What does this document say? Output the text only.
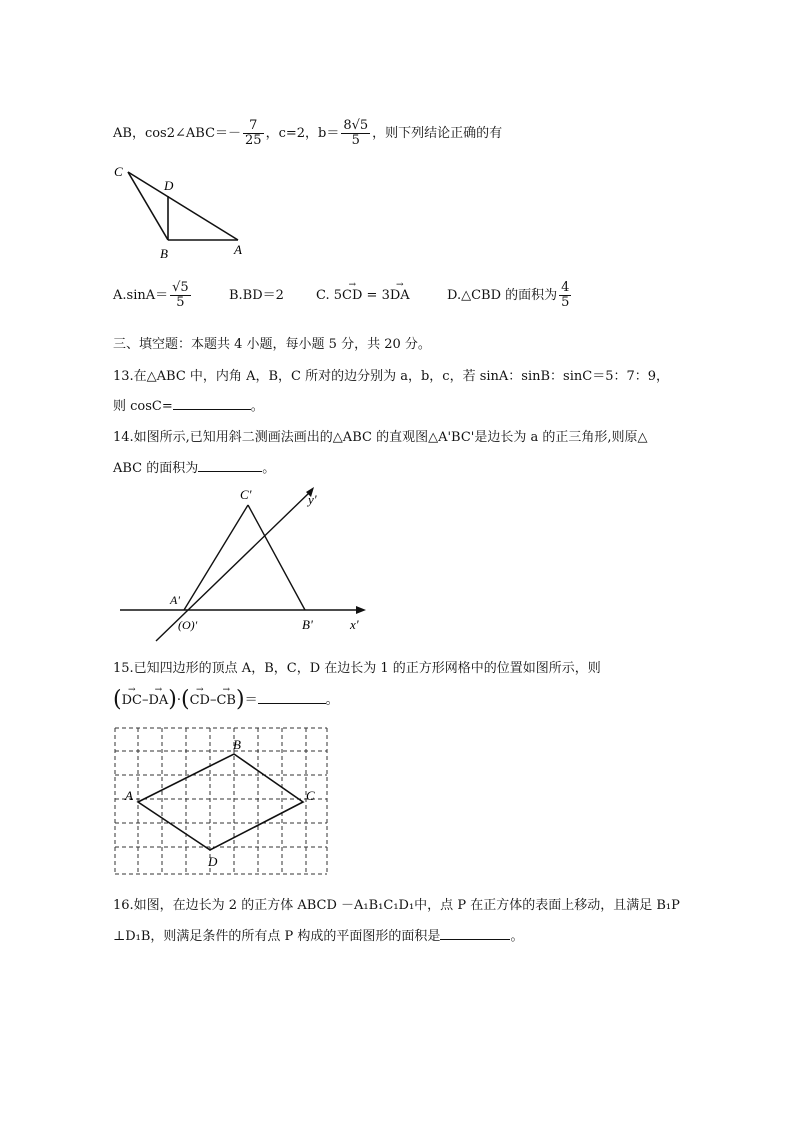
AB，cos2∠ABC＝－ $\frac{7}{25}$ ，c=2，$b= \frac{8√5}{5}$ ，则下列结论正确的有
C
D
B	A
$A.\sin A= \frac{√5}{5}$	B.BD＝2 C. 5→ CD = 3→ DA	D.△CBD 的面积为 $\frac{4}{5}$
三、填空题：本题共 4 小题，每小题 5 分，共 20 分。
13.在△ABC 中，内角 A，B，C 所对的边分别为 a，b，c，若 sinA：sinB：sinC＝5：7：9，
则 cosC=	。
14.如图所示,已知用斜二测画法画出的△ABC 的直观图△A'BC'是边长为 a 的正三角形,则原△
ABC 的面积为	。
C'	y'
A'
(O)'	B'	x'
15.已知四边形的顶点 A，B，C，D 在边长为 1 的正方形网格中的位置如图所示，则
(→ DC–→ DA)·(→ CD–→ CB)＝	。
A
B
C
D
16.如图，在边长为 2 的正方体 ABCD －A₁B₁C₁D₁中，点 P 在正方体的表面上移动，且满足 B₁P
⊥D₁B，则满足条件的所有点 P 构成的平面图形的面积是	。
